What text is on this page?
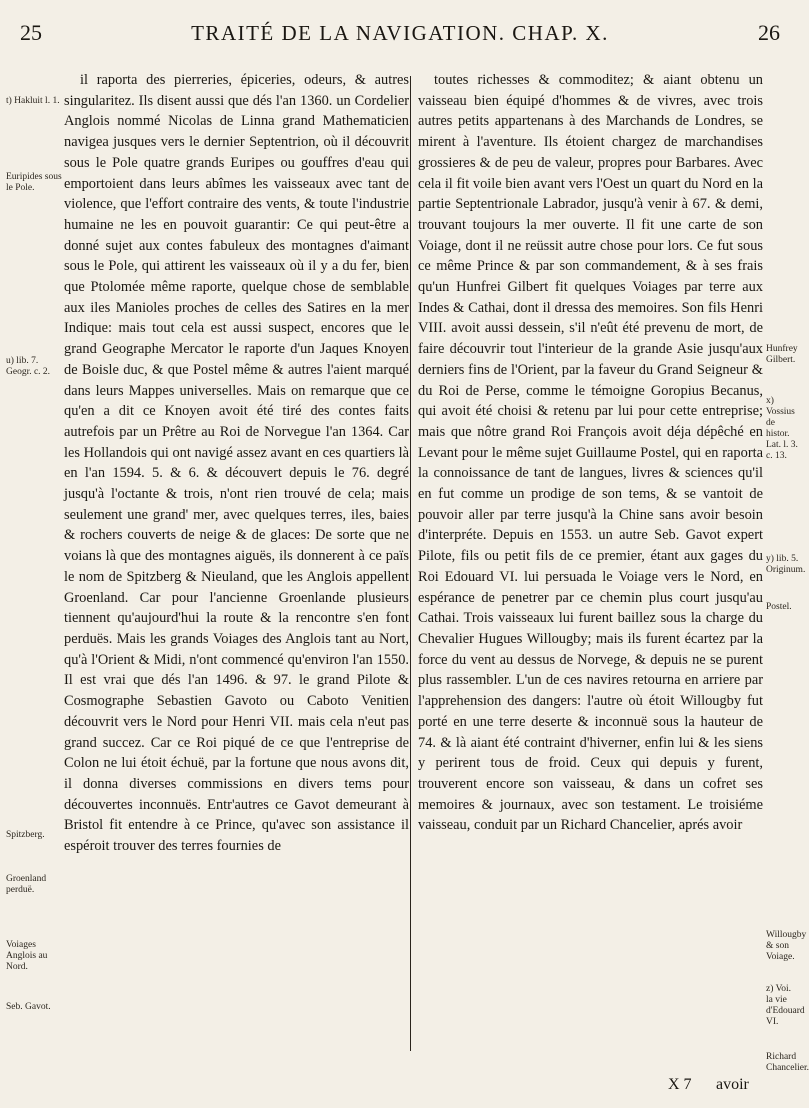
25	TRAITÉ DE LA NAVIGATION. CHAP. X.	26
t) Hakluit l. 1.
Euripides sous le Pole.
u) lib. 7. Geogr. c. 2.
Spitzberg.
Groenland perduë.
Voiages Anglois au Nord.
Seb. Gavot.

il raporta des pierreries, épiceries, odeurs, & autres singularitez. Ils disent aussi que dés l'an 1360. un Cordelier Anglois nommé Nicolas de Linna grand Mathematicien navigea jusques vers le dernier Septentrion, où il découvrit sous le Pole quatre grands Euripes ou gouffres d'eau qui emportoient dans leurs abîmes les vaisseaux avec tant de violence, que l'effort contraire des vents, & toute l'industrie humaine ne les en pouvoit guarantir: Ce qui peut-être a donné sujet aux contes fabuleux des montagnes d'aimant sous le Pole, qui attirent les vaisseaux où il y a du fer, bien que Ptolomée même raporte, quelque chose de semblable aux iles Manioles proches de celles des Satires en la mer Indique: mais tout cela est aussi suspect, encores que le grand Geographe Mercator le raporte d'un Jaques Knoyen de Boisle duc, & que Postel même & autres l'aient marqué dans leurs Mappes universelles. Mais on remarque que ce qu'en a dit ce Knoyen avoit été tiré des contes faits autrefois par un Prêtre au Roi de Norvegue l'an 1364. Car les Hollandois qui ont navigé assez avant en ces quartiers là en l'an 1594. 5. & 6. & découvert depuis le 76. degré jusqu'à l'octante & trois, n'ont rien trouvé de cela; mais seulement une grand' mer, avec quelques terres, iles, baies & rochers couverts de neige & de glaces: De sorte que ne voians là que des montagnes aiguës, ils donnerent à ce païs le nom de Spitzberg & Nieuland, que les Anglois appellent Groenland. Car pour l'ancienne Groenlande plusieurs tiennent qu'aujourd'hui la route & la rencontre s'en font perduës. Mais les grands Voiages des Anglois tant au Nort, qu'à l'Orient & Midi, n'ont commencé qu'environ l'an 1550. Il est vrai que dés l'an 1496. & 97. le grand Pilote & Cosmographe Sebastien Gavoto ou Caboto Venitien découvrit vers le Nord pour Henri VII. mais cela n'eut pas grand succez. Car ce Roi piqué de ce que l'entreprise de Colon ne lui étoit échuë, par la fortune que nous avons dit, il donna diverses commissions en divers tems pour découvertes inconnuës. Entr'autres ce Gavot demeurant à Bristol fit entendre à ce Prince, qu'avec son assistance il espéroit trouver des terres fournies de

toutes richesses & commoditez; & aiant obtenu un vaisseau bien équipé d'hommes & de vivres, avec trois autres petits appartenans à des Marchands de Londres, se mirent à l'aventure. Ils étoient chargez de marchandises grossieres & de peu de valeur, propres pour Barbares. Avec cela il fit voile bien avant vers l'Oest un quart du Nord en la partie Septentrionale Labrador, jusqu'à venir à 67. & demi, trouvant toujours la mer ouverte. Il fit une carte de son Voiage, dont il ne reüssit autre chose pour lors. Ce fut sous ce même Prince & par son commandement, & à ses frais qu'un Hunfrei Gilbert fit quelques Voiages par terre aux Indes & Cathai, dont il dressa des memoires. Son fils Henri VIII. avoit aussi dessein, s'il n'eût été prevenu de mort, de faire découvrir tout l'interieur de la grande Asie jusqu'aux derniers fins de l'Orient, par la faveur du Grand Seigneur & du Roi de Perse, comme le témoigne Goropius Becanus, qui avoit été choisi & retenu par lui pour cette entreprise; mais que nôtre grand Roi François avoit déja dépêché en Levant pour le même sujet Guillaume Postel, qui en raporta la connoissance de tant de langues, livres & sciences qu'il en fut comme un prodige de son tems, & se vantoit de pouvoir aller par terre jusqu'à la Chine sans avoir besoin d'interpréte. Depuis en 1553. un autre Seb. Gavot expert Pilote, fils ou petit fils de ce premier, étant aux gages du Roi Edouard VI. lui persuada le Voiage vers le Nord, en espérance de penetrer par ce chemin plus court jusqu'au Cathai. Trois vaisseaux lui furent baillez sous la charge du Chevalier Hugues Willougby; mais ils furent écartez par la force du vent au dessus de Norvege, & depuis ne se purent plus rassembler. L'un de ces navires retourna en arriere par l'apprehension des dangers: l'autre où étoit Willougby fut porté en une terre deserte & inconnuë sous la hauteur de 74. & là aiant été contraint d'hiverner, enfin lui & les siens y perirent tous de froid. Ceux qui depuis y furent, trouverent encore son vaisseau, & dans un cofret ses memoires & journaux, avec son testament. Le troisiéme vaisseau, conduit par un Richard Chancelier, aprés avoir

Hunfrey Gilbert.
x) Vossius de histor. Lat. l. 3. c. 13.
y) lib. 5. Originum.
Postel.
Willougby & son Voiage.
z) Voi. la vie d'Edouard VI.
Richard Chancelier.
X 7 avoir
